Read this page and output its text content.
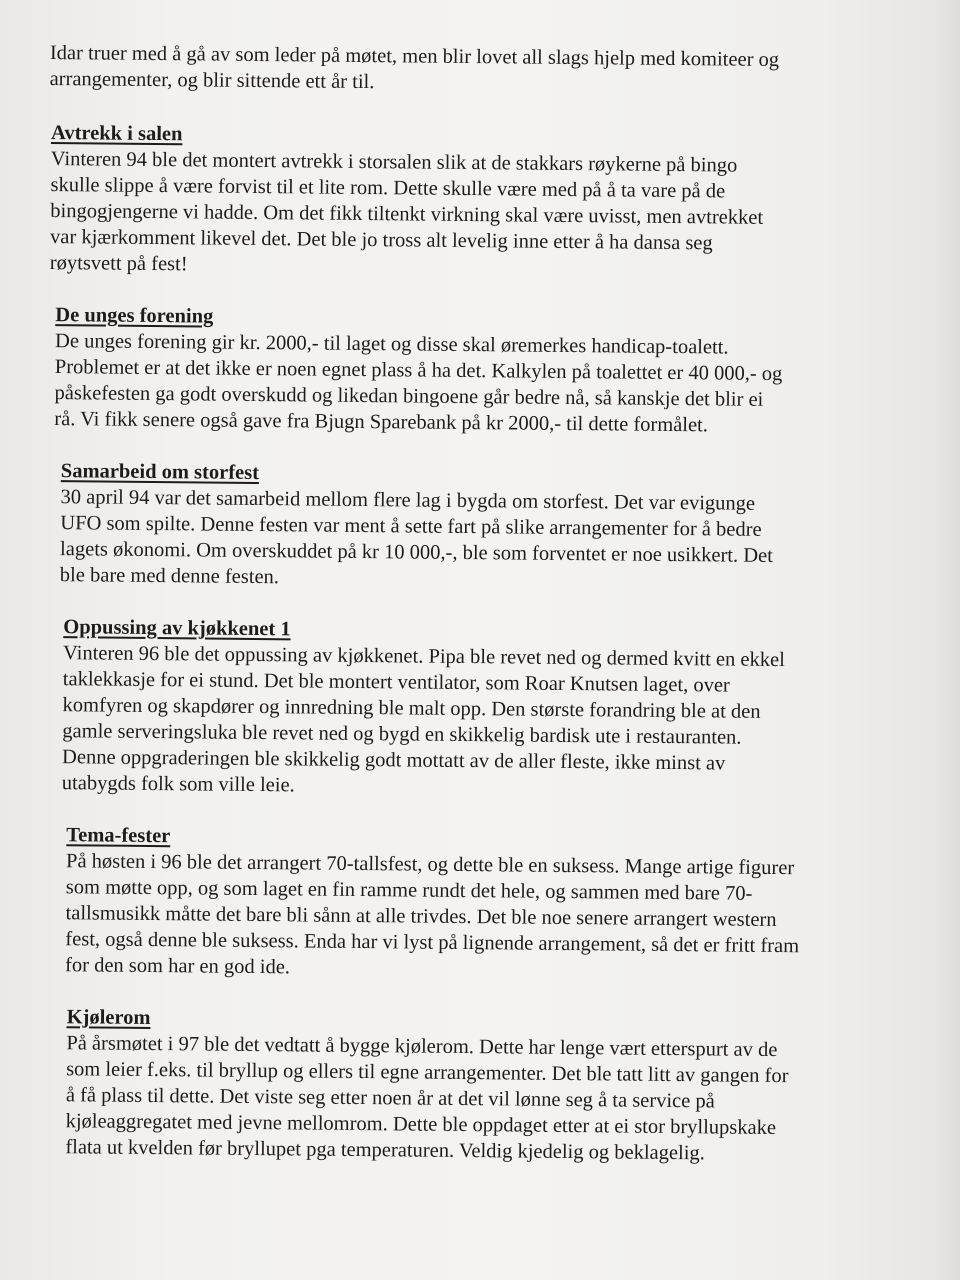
Idar truer med å gå av som leder på møtet, men blir lovet all slags hjelp med komiteer og
arrangementer, og blir sittende ett år til.

Avtrekk i salen

Vinteren 94 ble det montert avtrekk i storsalen slik at de stakkars røykerne på bingo
skulle slippe å være forvist til et lite rom. Dette skulle være med på å ta vare på de
bingogjengerne vi hadde. Om det fikk tiltenkt virkning skal være uvisst, men avtrekket
var kjærkomment likevel det. Det ble jo tross alt levelig inne etter å ha dansa seg
røytsvett på fest!

De unges forening

De unges forening gir kr. 2000,- til laget og disse skal øremerkes handicap-toalett.
Problemet er at det ikke er noen egnet plass å ha det. Kalkylen på toalettet er 40 000,- og
påskefesten ga godt overskudd og likedan bingoene går bedre nå, så kanskje det blir ei
rå. Vi fikk senere også gave fra Bjugn Sparebank på kr 2000,- til dette formålet.

Samarbeid om storfest

30 april 94 var det samarbeid mellom flere lag i bygda om storfest. Det var evigunge
UFO som spilte. Denne festen var ment å sette fart på slike arrangementer for å bedre
lagets økonomi. Om overskuddet på kr 10 000,-, ble som forventet er noe usikkert. Det
ble bare med denne festen.

Oppussing av kjøkkenet 1

Vinteren 96 ble det oppussing av kjøkkenet. Pipa ble revet ned og dermed kvitt en ekkel
taklekkasje for ei stund. Det ble montert ventilator, som Roar Knutsen laget, over
komfyren og skapdører og innredning ble malt opp. Den største forandring ble at den
gamle serveringsluka ble revet ned og bygd en skikkelig bardisk ute i restauranten.
Denne oppgraderingen ble skikkelig godt mottatt av de aller fleste, ikke minst av
utabygds folk som ville leie.

Tema-fester

På høsten i 96 ble det arrangert 70-tallsfest, og dette ble en suksess. Mange artige figurer
som møtte opp, og som laget en fin ramme rundt det hele, og sammen med bare 70-
tallsmusikk måtte det bare bli sånn at alle trivdes. Det ble noe senere arrangert western
fest, også denne ble suksess. Enda har vi lyst på lignende arrangement, så det er fritt fram
for den som har en god ide.

Kjølerom

På årsmøtet i 97 ble det vedtatt å bygge kjølerom. Dette har lenge vært etterspurt av de
som leier f.eks. til bryllup og ellers til egne arrangementer. Det ble tatt litt av gangen for
å få plass til dette. Det viste seg etter noen år at det vil lønne seg å ta service på
kjøleaggregatet med jevne mellomrom. Dette ble oppdaget etter at ei stor bryllupskake
flata ut kvelden før bryllupet pga temperaturen. Veldig kjedelig og beklagelig.
